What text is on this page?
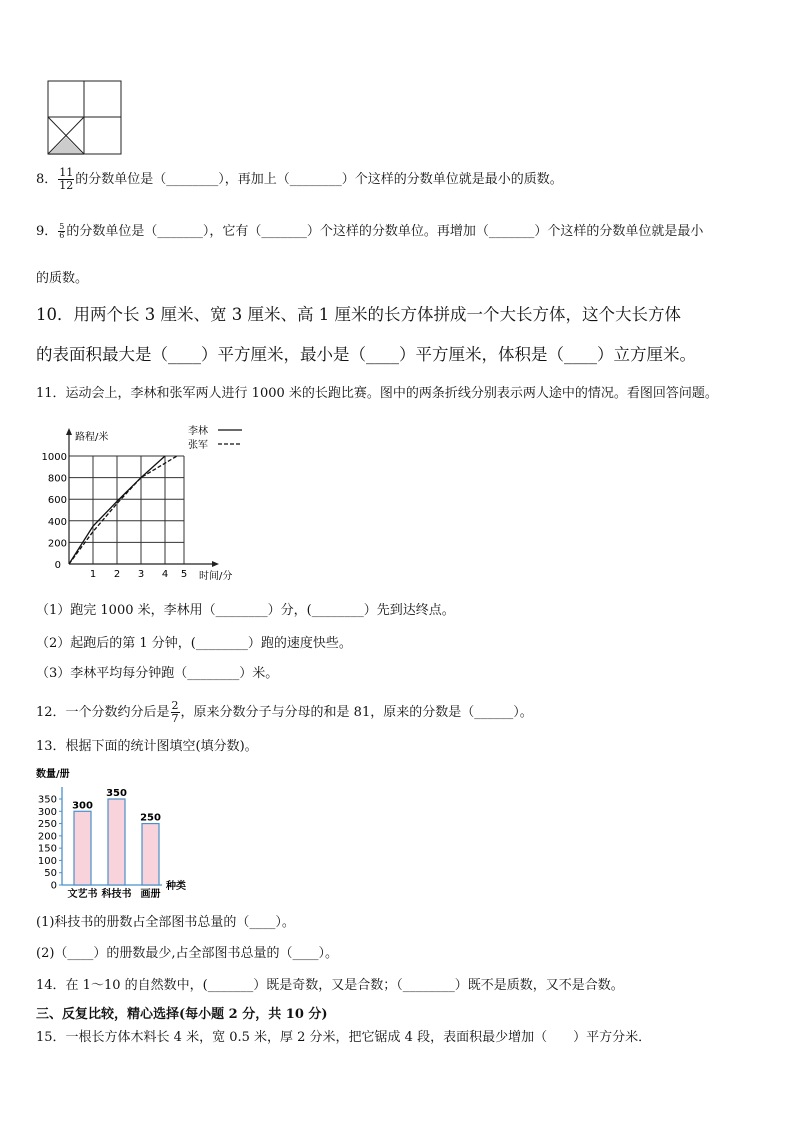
8． $\frac{11}{12}$ 的分数单位是（________），再加上（________）个这样的分数单位就是最小的质数。
9． $\frac{5}{6}$ 的分数单位是（_______），它有（_______）个这样的分数单位。再增加（_______）个这样的分数单位就是最小
的质数。
10．用两个长 3 厘米、宽 3 厘米、高 1 厘米的长方体拼成一个大长方体，这个大长方体
的表面积最大是（____）平方厘米，最小是（____）平方厘米，体积是（____）立方厘米。
11．运动会上，李林和张军两人进行 1000 米的长跑比赛。图中的两条折线分别表示两人途中的情况。看图回答问题。
路程/米
时间/分
0
1 2 3 4 5
1000
800
600
400
200
李林
张军
（1）跑完 1000 米，李林用（________）分，(________）先到达终点。
（2）起跑后的第 1 分钟，(________）跑的速度快些。
（3）李林平均每分钟跑（________）米。
12．一个分数约分后是 $\frac{2}{7}$ ，原来分数分子与分母的和是 81，原来的分数是（______）。
13．根据下面的统计图填空(填分数)。
数量/册
350
300
250
200
150
100
50
0
300
文艺书
350
科技书
250
画册
种类
(1)科技书的册数占全部图书总量的（____）。
(2)（____）的册数最少,占全部图书总量的（____）。
14．在 1～10 的自然数中，(_______）既是奇数，又是合数；（________）既不是质数，又不是合数。
三、反复比较，精心选择(每小题 2 分，共 10 分)
15．一根长方体木料长 4 米，宽 0.5 米，厚 2 分米，把它锯成 4 段，表面积最少增加（　　）平方分米．
